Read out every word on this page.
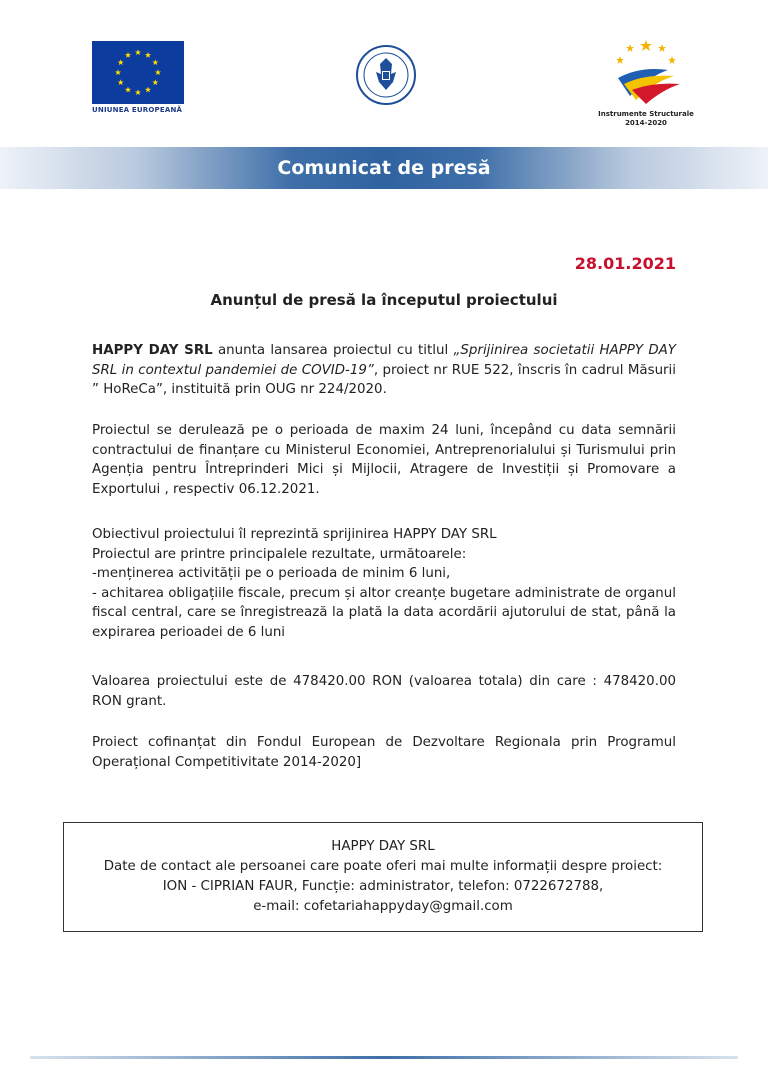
UNIUNEA EUROPEANĂ	Instrumente Structurale
2014-2020
Comunicat de presă
28.01.2021
Anunțul de presă la începutul proiectului
HAPPY DAY SRL anunta lansarea proiectul cu titlul „Sprijinirea societatii HAPPY DAY SRL in contextul pandemiei de COVID-19”, proiect nr RUE 522, înscris în cadrul Măsurii ” HoReCa”, instituită prin OUG nr 224/2020.
Proiectul se derulează pe o perioada de maxim 24 luni, începând cu data semnării contractului de finanțare cu Ministerul Economiei, Antreprenorialului și Turismului prin Agenția pentru Întreprinderi Mici și Mijlocii, Atragere de Investiții și Promovare a Exportului , respectiv 06.12.2021.
Obiectivul proiectului îl reprezintă sprijinirea HAPPY DAY SRL
Proiectul are printre principalele rezultate, următoarele:
-menținerea activității pe o perioada de minim 6 luni,
- achitarea obligațiile fiscale, precum și altor creanțe bugetare administrate de organul fiscal central, care se înregistrează la plată la data acordării ajutorului de stat, până la expirarea perioadei de 6 luni
Valoarea proiectului este de 478420.00 RON (valoarea totala) din care : 478420.00 RON grant.
Proiect cofinanțat din Fondul European de Dezvoltare Regionala prin Programul Operațional Competitivitate 2014-2020]
HAPPY DAY SRL
Date de contact ale persoanei care poate oferi mai multe informații despre proiect:
ION - CIPRIAN FAUR, Funcție: administrator, telefon: 0722672788,
e-mail: cofetariahappyday@gmail.com
